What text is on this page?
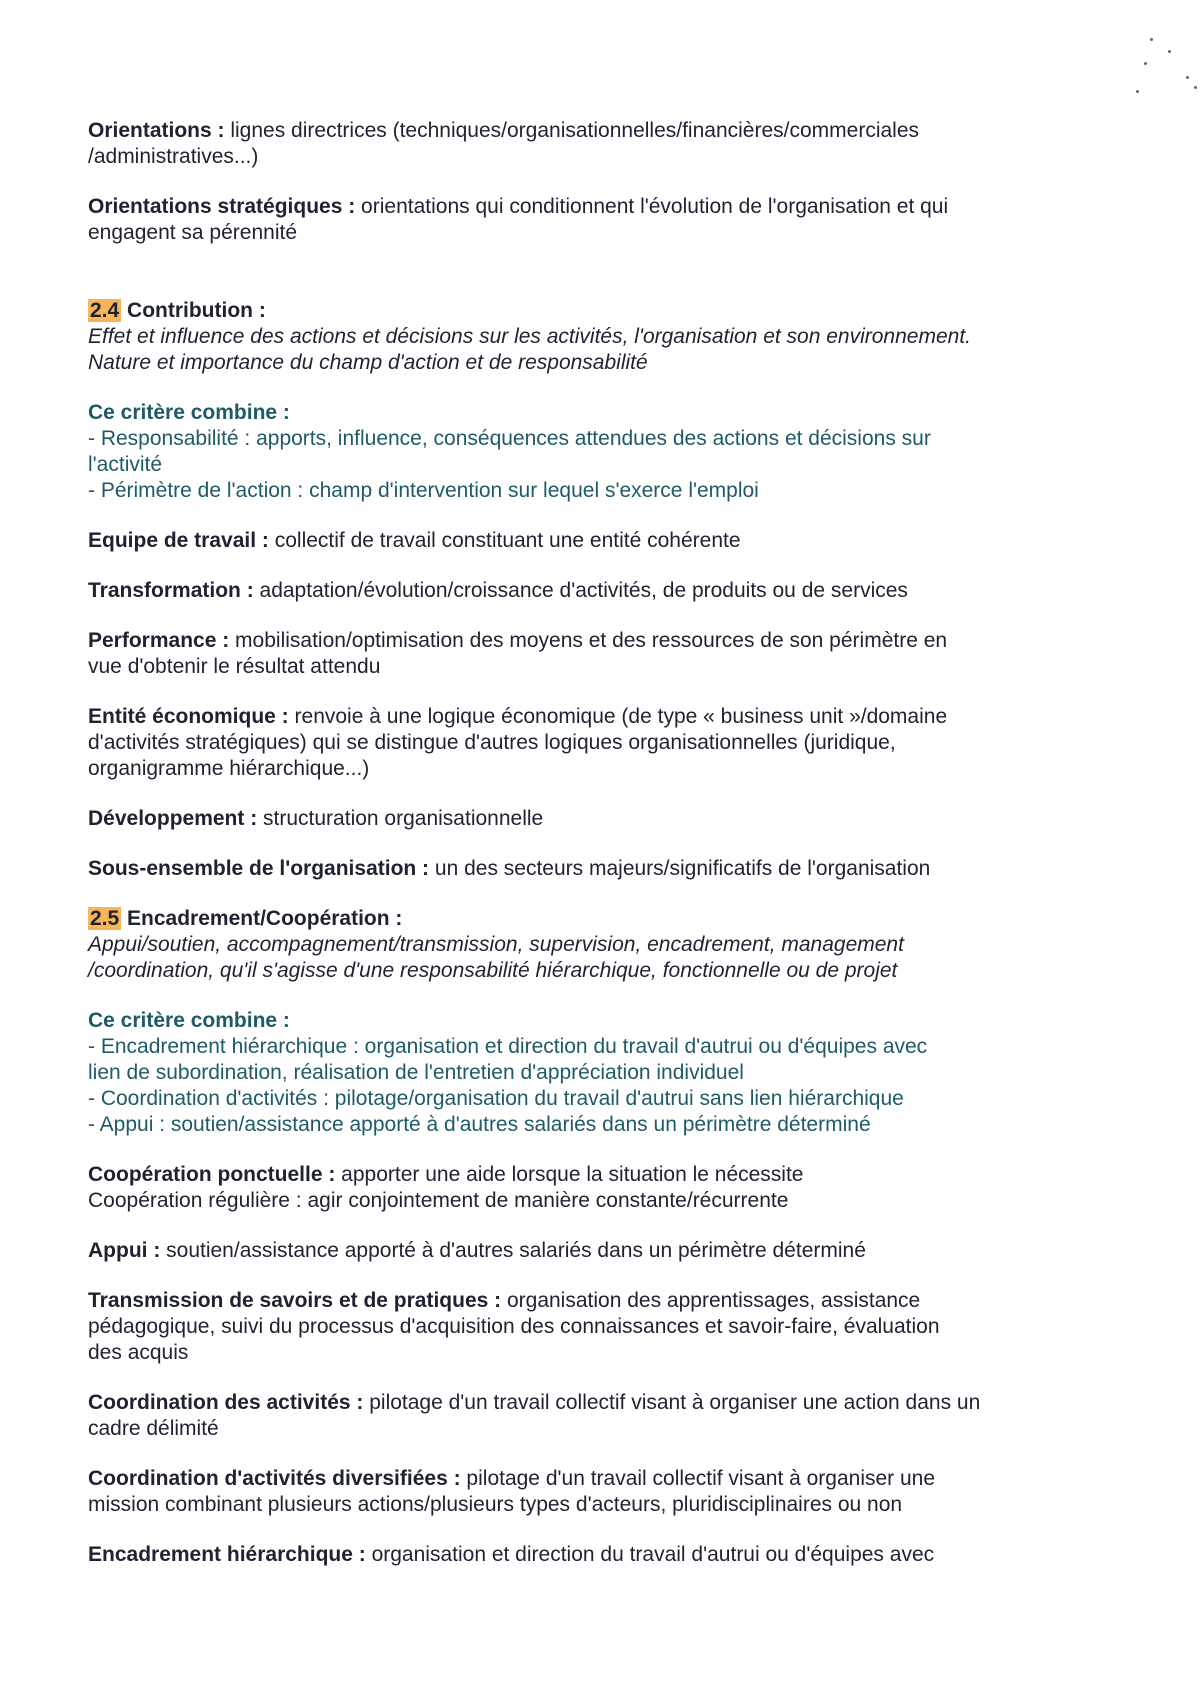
Orientations : lignes directrices (techniques/organisationnelles/financières/commerciales
/administratives...)

Orientations stratégiques : orientations qui conditionnent l'évolution de l'organisation et qui
engagent sa pérennité

2.4 Contribution :
Effet et influence des actions et décisions sur les activités, l'organisation et son environnement.
Nature et importance du champ d'action et de responsabilité

Ce critère combine :
- Responsabilité : apports, influence, conséquences attendues des actions et décisions sur
l'activité
- Périmètre de l'action : champ d'intervention sur lequel s'exerce l'emploi

Equipe de travail : collectif de travail constituant une entité cohérente

Transformation : adaptation/évolution/croissance d'activités, de produits ou de services

Performance : mobilisation/optimisation des moyens et des ressources de son périmètre en
vue d'obtenir le résultat attendu

Entité économique : renvoie à une logique économique (de type « business unit »/domaine
d'activités stratégiques) qui se distingue d'autres logiques organisationnelles (juridique,
organigramme hiérarchique...)

Développement : structuration organisationnelle

Sous-ensemble de l'organisation : un des secteurs majeurs/significatifs de l'organisation

2.5 Encadrement/Coopération :
Appui/soutien, accompagnement/transmission, supervision, encadrement, management
/coordination, qu'il s'agisse d'une responsabilité hiérarchique, fonctionnelle ou de projet

Ce critère combine :
- Encadrement hiérarchique : organisation et direction du travail d'autrui ou d'équipes avec
lien de subordination, réalisation de l'entretien d'appréciation individuel
- Coordination d'activités : pilotage/organisation du travail d'autrui sans lien hiérarchique
- Appui : soutien/assistance apporté à d'autres salariés dans un périmètre déterminé

Coopération ponctuelle : apporter une aide lorsque la situation le nécessite
Coopération régulière : agir conjointement de manière constante/récurrente

Appui : soutien/assistance apporté à d'autres salariés dans un périmètre déterminé

Transmission de savoirs et de pratiques : organisation des apprentissages, assistance
pédagogique, suivi du processus d'acquisition des connaissances et savoir-faire, évaluation
des acquis

Coordination des activités : pilotage d'un travail collectif visant à organiser une action dans un
cadre délimité

Coordination d'activités diversifiées : pilotage d'un travail collectif visant à organiser une
mission combinant plusieurs actions/plusieurs types d'acteurs, pluridisciplinaires ou non

Encadrement hiérarchique : organisation et direction du travail d'autrui ou d'équipes avec
